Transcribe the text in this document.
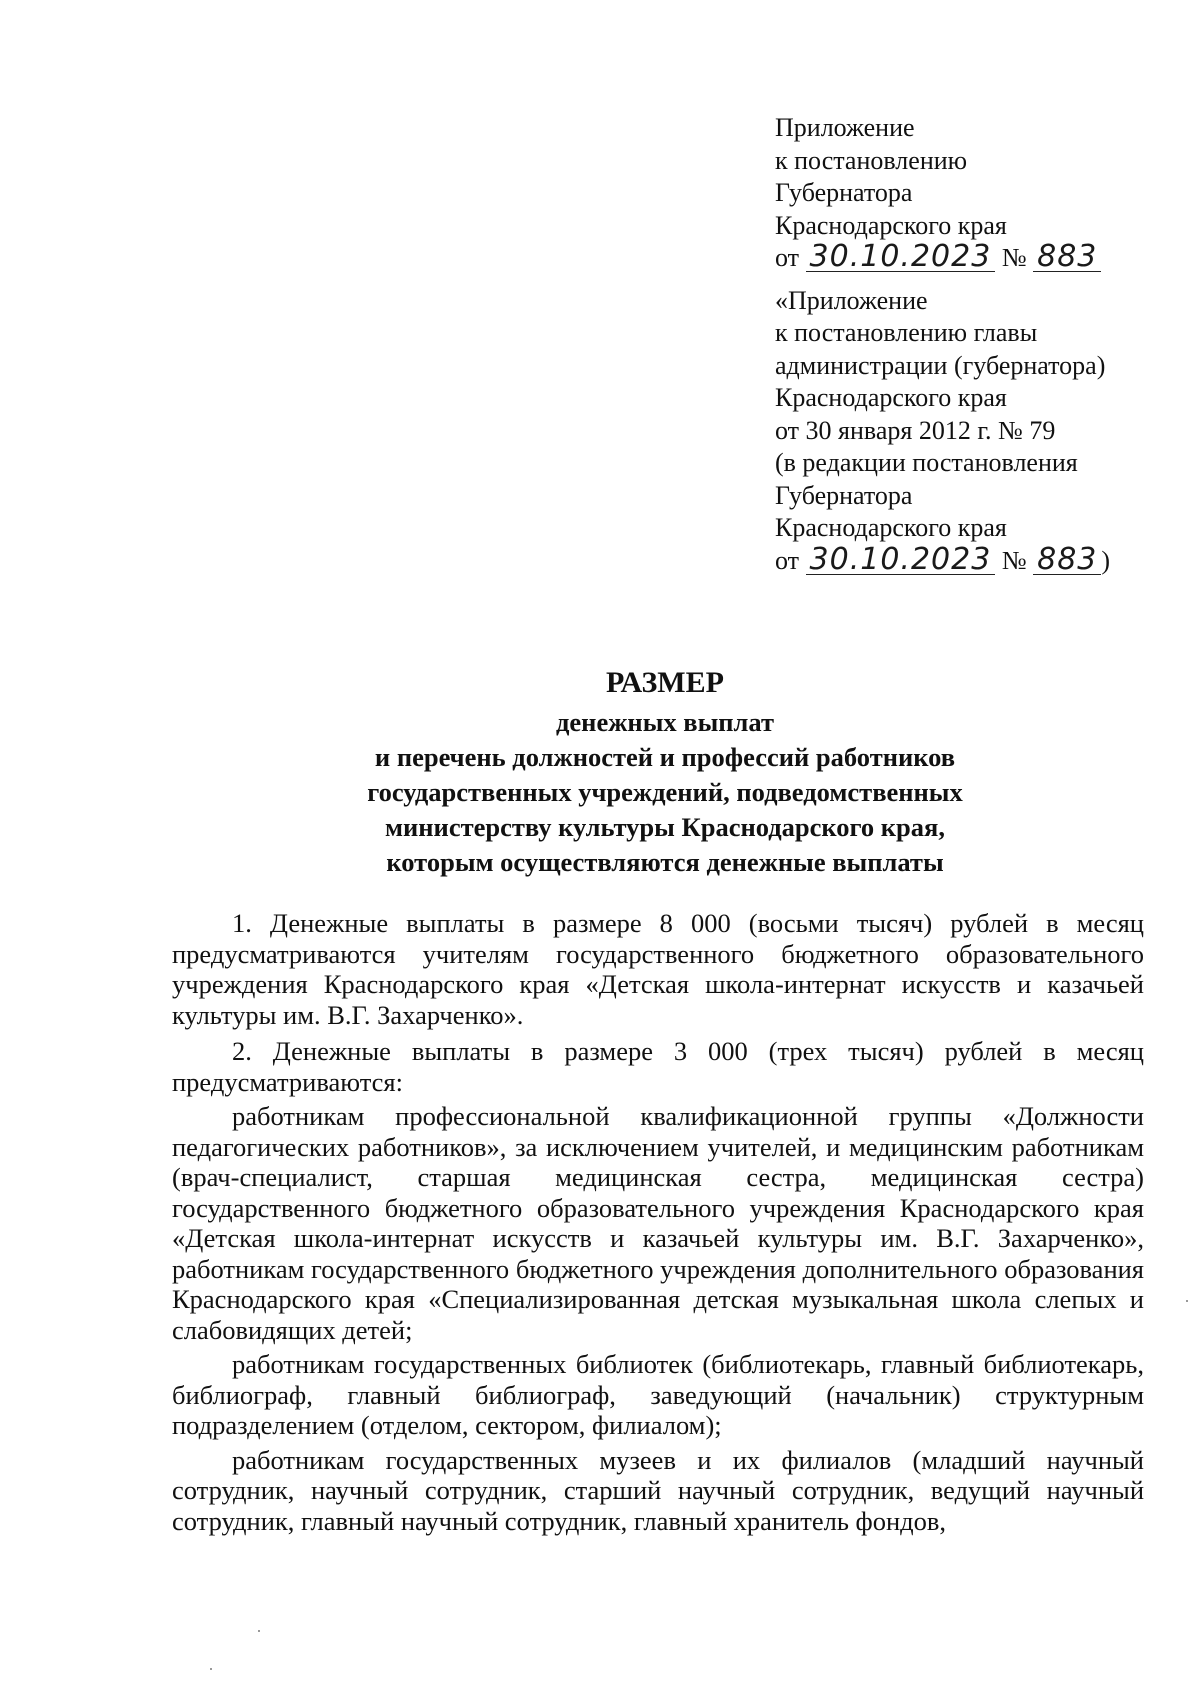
Приложение
к постановлению
Губернатора
Краснодарского края
от 30.10.2023 № 883
«Приложение
к постановлению главы
администрации (губернатора)
Краснодарского края
от 30 января 2012 г. № 79
(в редакции постановления
Губернатора
Краснодарского края
от 30.10.2023 № 883 )
РАЗМЕР
денежных выплат
и перечень должностей и профессий работников
государственных учреждений, подведомственных
министерству культуры Краснодарского края,
которым осуществляются денежные выплаты

1. Денежные выплаты в размере 8 000 (восьми тысяч) рублей в месяц предусматриваются учителям государственного бюджетного образовательного учреждения Краснодарского края «Детская школа-интернат искусств и казачьей культуры им. В.Г. Захарченко».

2. Денежные выплаты в размере 3 000 (трех тысяч) рублей в месяц предусматриваются:

работникам профессиональной квалификационной группы «Должности педагогических работников», за исключением учителей, и медицинским работникам (врач-специалист, старшая медицинская сестра, медицинская сестра) государственного бюджетного образовательного учреждения Краснодарского края «Детская школа-интернат искусств и казачьей культуры им. В.Г. Захарченко», работникам государственного бюджетного учреждения дополнительного образования Краснодарского края «Специализированная детская музыкальная школа слепых и слабовидящих детей;

работникам государственных библиотек (библиотекарь, главный библиотекарь, библиограф, главный библиограф, заведующий (начальник) структурным подразделением (отделом, сектором, филиалом);

работникам государственных музеев и их филиалов (младший научный сотрудник, научный сотрудник, старший научный сотрудник, ведущий научный сотрудник, главный научный сотрудник, главный хранитель фондов,
